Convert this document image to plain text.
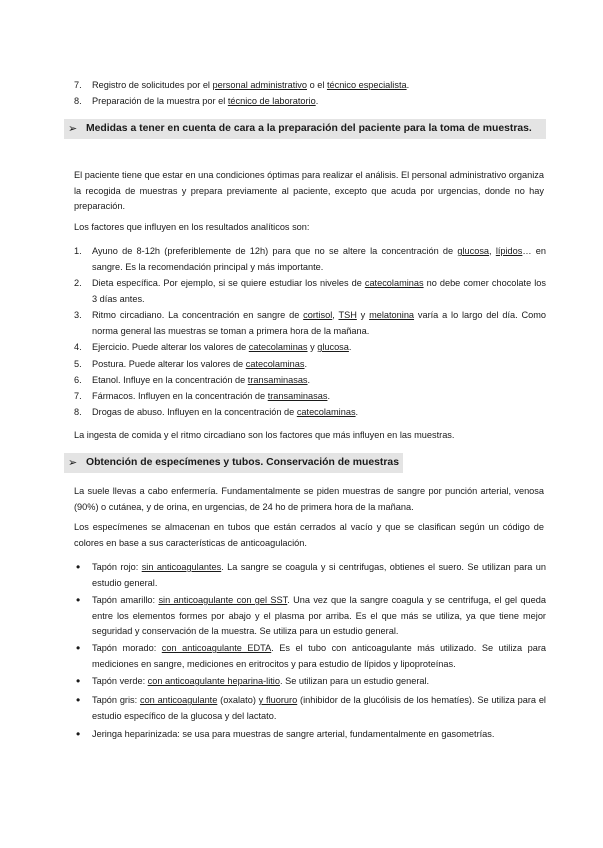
7.	Registro de solicitudes por el personal administrativo o el técnico especialista.
8.	Preparación de la muestra por el técnico de laboratorio.
➢ Medidas a tener en cuenta de cara a la preparación del paciente para la toma de muestras.
El paciente tiene que estar en una condiciones óptimas para realizar el análisis. El personal administrativo organiza la recogida de muestras y prepara previamente al paciente, excepto que acuda por urgencias, donde no hay preparación.
Los factores que influyen en los resultados analíticos son:
1.	Ayuno de 8-12h (preferiblemente de 12h) para que no se altere la concentración de glucosa, lípidos… en sangre. Es la recomendación principal y más importante.
2.	Dieta específica. Por ejemplo, si se quiere estudiar los niveles de catecolaminas no debe comer chocolate los 3 días antes.
3.	Ritmo circadiano. La concentración en sangre de cortisol, TSH y melatonina varía a lo largo del día. Como norma general las muestras se toman a primera hora de la mañana.
4.	Ejercicio. Puede alterar los valores de catecolaminas y glucosa.
5.	Postura. Puede alterar los valores de catecolaminas.
6.	Etanol. Influye en la concentración de transaminasas.
7.	Fármacos. Influyen en la concentración de transaminasas.
8.	Drogas de abuso. Influyen en la concentración de catecolaminas.
La ingesta de comida y el ritmo circadiano son los factores que más influyen en las muestras.
➢ Obtención de especímenes y tubos. Conservación de muestras
La suele llevas a cabo enfermería. Fundamentalmente se piden muestras de sangre por punción arterial, venosa (90%) o cutánea, y de orina, en urgencias, de 24 ho de primera hora de la mañana.
Los especímenes se almacenan en tubos que están cerrados al vacío y que se clasifican según un código de colores en base a sus características de anticoagulación.
•	Tapón rojo: sin anticoagulantes. La sangre se coagula y si centrifugas, obtienes el suero. Se utilizan para un estudio general.
•	Tapón amarillo: sin anticoagulante con gel SST. Una vez que la sangre coagula y se centrifuga, el gel queda entre los elementos formes por abajo y el plasma por arriba. Es el que más se utiliza, ya que tiene mejor seguridad y conservación de la muestra. Se utiliza para un estudio general.
•	Tapón morado: con anticoagulante EDTA. Es el tubo con anticoagulante más utilizado. Se utiliza para mediciones en sangre, mediciones en eritrocitos y para estudio de lípidos y lipoproteínas.
•	Tapón verde: con anticoagulante heparina-litio. Se utilizan para un estudio general.
•	Tapón gris: con anticoagulante (oxalato) y fluoruro (inhibidor de la glucólisis de los hematíes). Se utiliza para el estudio específico de la glucosa y del lactato.
•	Jeringa heparinizada: se usa para muestras de sangre arterial, fundamentalmente en gasometrías.
